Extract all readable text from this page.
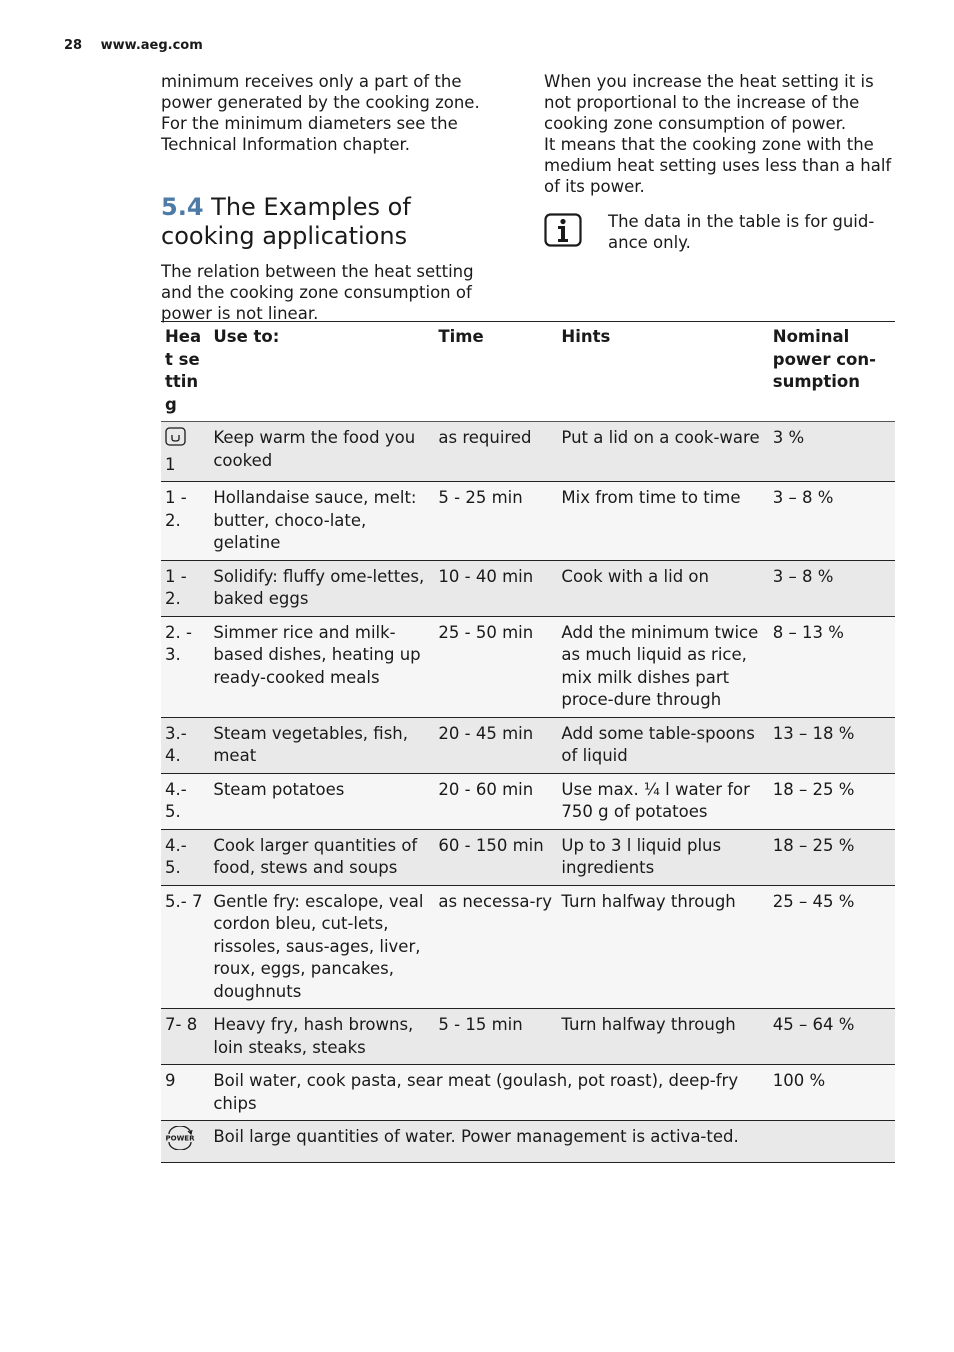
28 www.aeg.com

minimum receives only a part of the power generated by the cooking zone. For the minimum diameters see the Technical Information chapter.

5.4 The Examples of cooking applications

The relation between the heat setting and the cooking zone consumption of power is not linear.

When you increase the heat setting it is not proportional to the increase of the cooking zone consumption of power.

It means that the cooking zone with the medium heat setting uses less than a half of its power.

The data in the table is for guid-ance only.

Heat setting	Use to:	Time	Hints	Nominal power con-sumption

1	Keep warm the food you cooked	as required	Put a lid on a cook-ware	3 %
1 - 2.	Hollandaise sauce, melt: butter, choco-late, gelatine	5 - 25 min	Mix from time to time	3 – 8 %
1 - 2.	Solidify: fluffy ome-lettes, baked eggs	10 - 40 min	Cook with a lid on	3 – 8 %
2. - 3.	Simmer rice and milk-based dishes, heating up ready-cooked meals	25 - 50 min	Add the minimum twice as much liquid as rice, mix milk dishes part proce-dure through	8 – 13 %
3.- 4.	Steam vegetables, fish, meat	20 - 45 min	Add some table-spoons of liquid	13 – 18 %
4.- 5.	Steam potatoes	20 - 60 min	Use max. ¼ l water for 750 g of potatoes	18 – 25 %
4.- 5.	Cook larger quantities of food, stews and soups	60 - 150 min	Up to 3 l liquid plus ingredients	18 – 25 %
5.- 7	Gentle fry: escalope, veal cordon bleu, cut-lets, rissoles, saus-ages, liver, roux, eggs, pancakes, doughnuts	as necessa-ry	Turn halfway through	25 – 45 %
7- 8	Heavy fry, hash browns, loin steaks, steaks	5 - 15 min	Turn halfway through	45 – 64 %
9	Boil water, cook pasta, sear meat (goulash, pot roast), deep-fry chips			100 %

POWER	Boil large quantities of water. Power management is activa-ted.			
